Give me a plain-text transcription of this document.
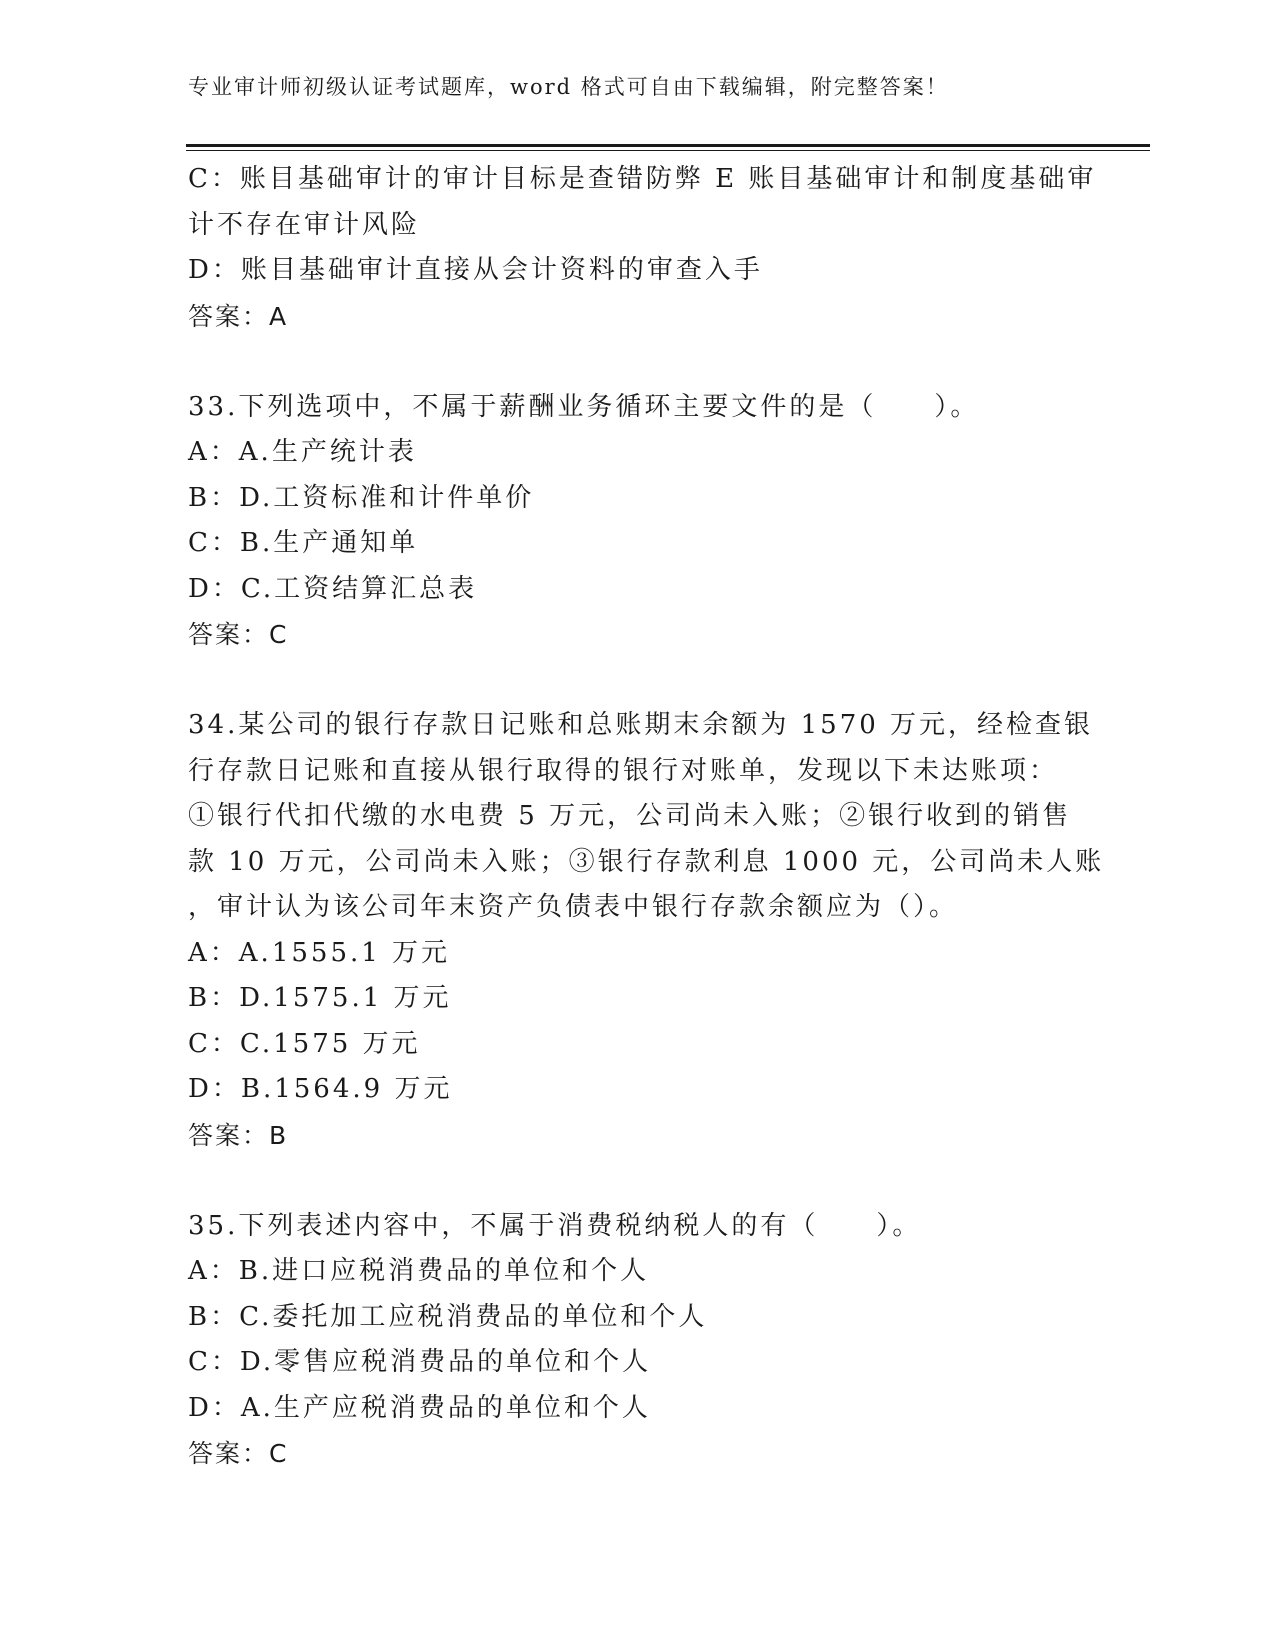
专业审计师初级认证考试题库，word 格式可自由下载编辑，附完整答案！
C：账目基础审计的审计目标是查错防弊 E 账目基础审计和制度基础审
计不存在审计风险
D：账目基础审计直接从会计资料的审查入手
答案：A
33.下列选项中，不属于薪酬业务循环主要文件的是（　　）。
A：A.生产统计表
B：D.工资标准和计件单价
C：B.生产通知单
D：C.工资结算汇总表
答案：C
34.某公司的银行存款日记账和总账期末余额为 1570 万元，经检查银
行存款日记账和直接从银行取得的银行对账单，发现以下未达账项：
①银行代扣代缴的水电费 5 万元，公司尚未入账；②银行收到的销售
款 10 万元，公司尚未入账；③银行存款利息 1000 元，公司尚未人账
，审计认为该公司年末资产负债表中银行存款余额应为（）。
A：A.1555.1 万元
B：D.1575.1 万元
C：C.1575 万元
D：B.1564.9 万元
答案：B
35.下列表述内容中，不属于消费税纳税人的有（　　）。
A：B.进口应税消费品的单位和个人
B：C.委托加工应税消费品的单位和个人
C：D.零售应税消费品的单位和个人
D：A.生产应税消费品的单位和个人
答案：C
